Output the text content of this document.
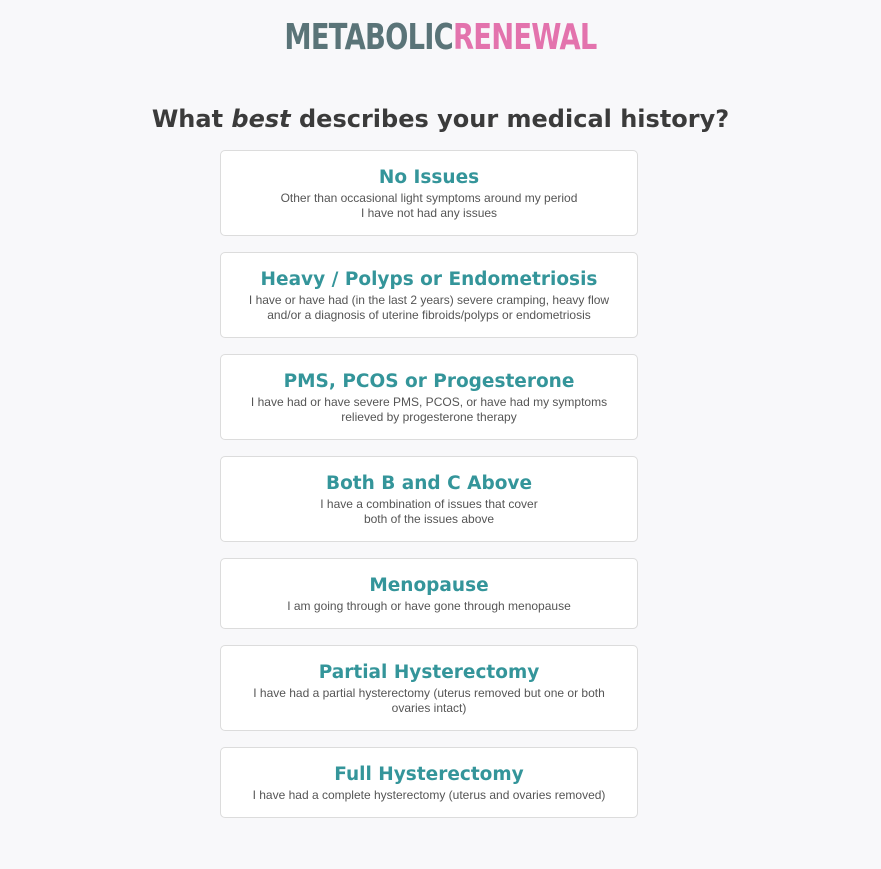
METABOLICRENEWAL
What best describes your medical history?
No Issues
Other than occasional light symptoms around my period
I have not had any issues
Heavy / Polyps or Endometriosis
I have or have had (in the last 2 years) severe cramping, heavy flow
and/or a diagnosis of uterine fibroids/polyps or endometriosis
PMS, PCOS or Progesterone
I have had or have severe PMS, PCOS, or have had my symptoms
relieved by progesterone therapy
Both B and C Above
I have a combination of issues that cover
both of the issues above
Menopause
I am going through or have gone through menopause
Partial Hysterectomy
I have had a partial hysterectomy (uterus removed but one or both
ovaries intact)
Full Hysterectomy
I have had a complete hysterectomy (uterus and ovaries removed)
